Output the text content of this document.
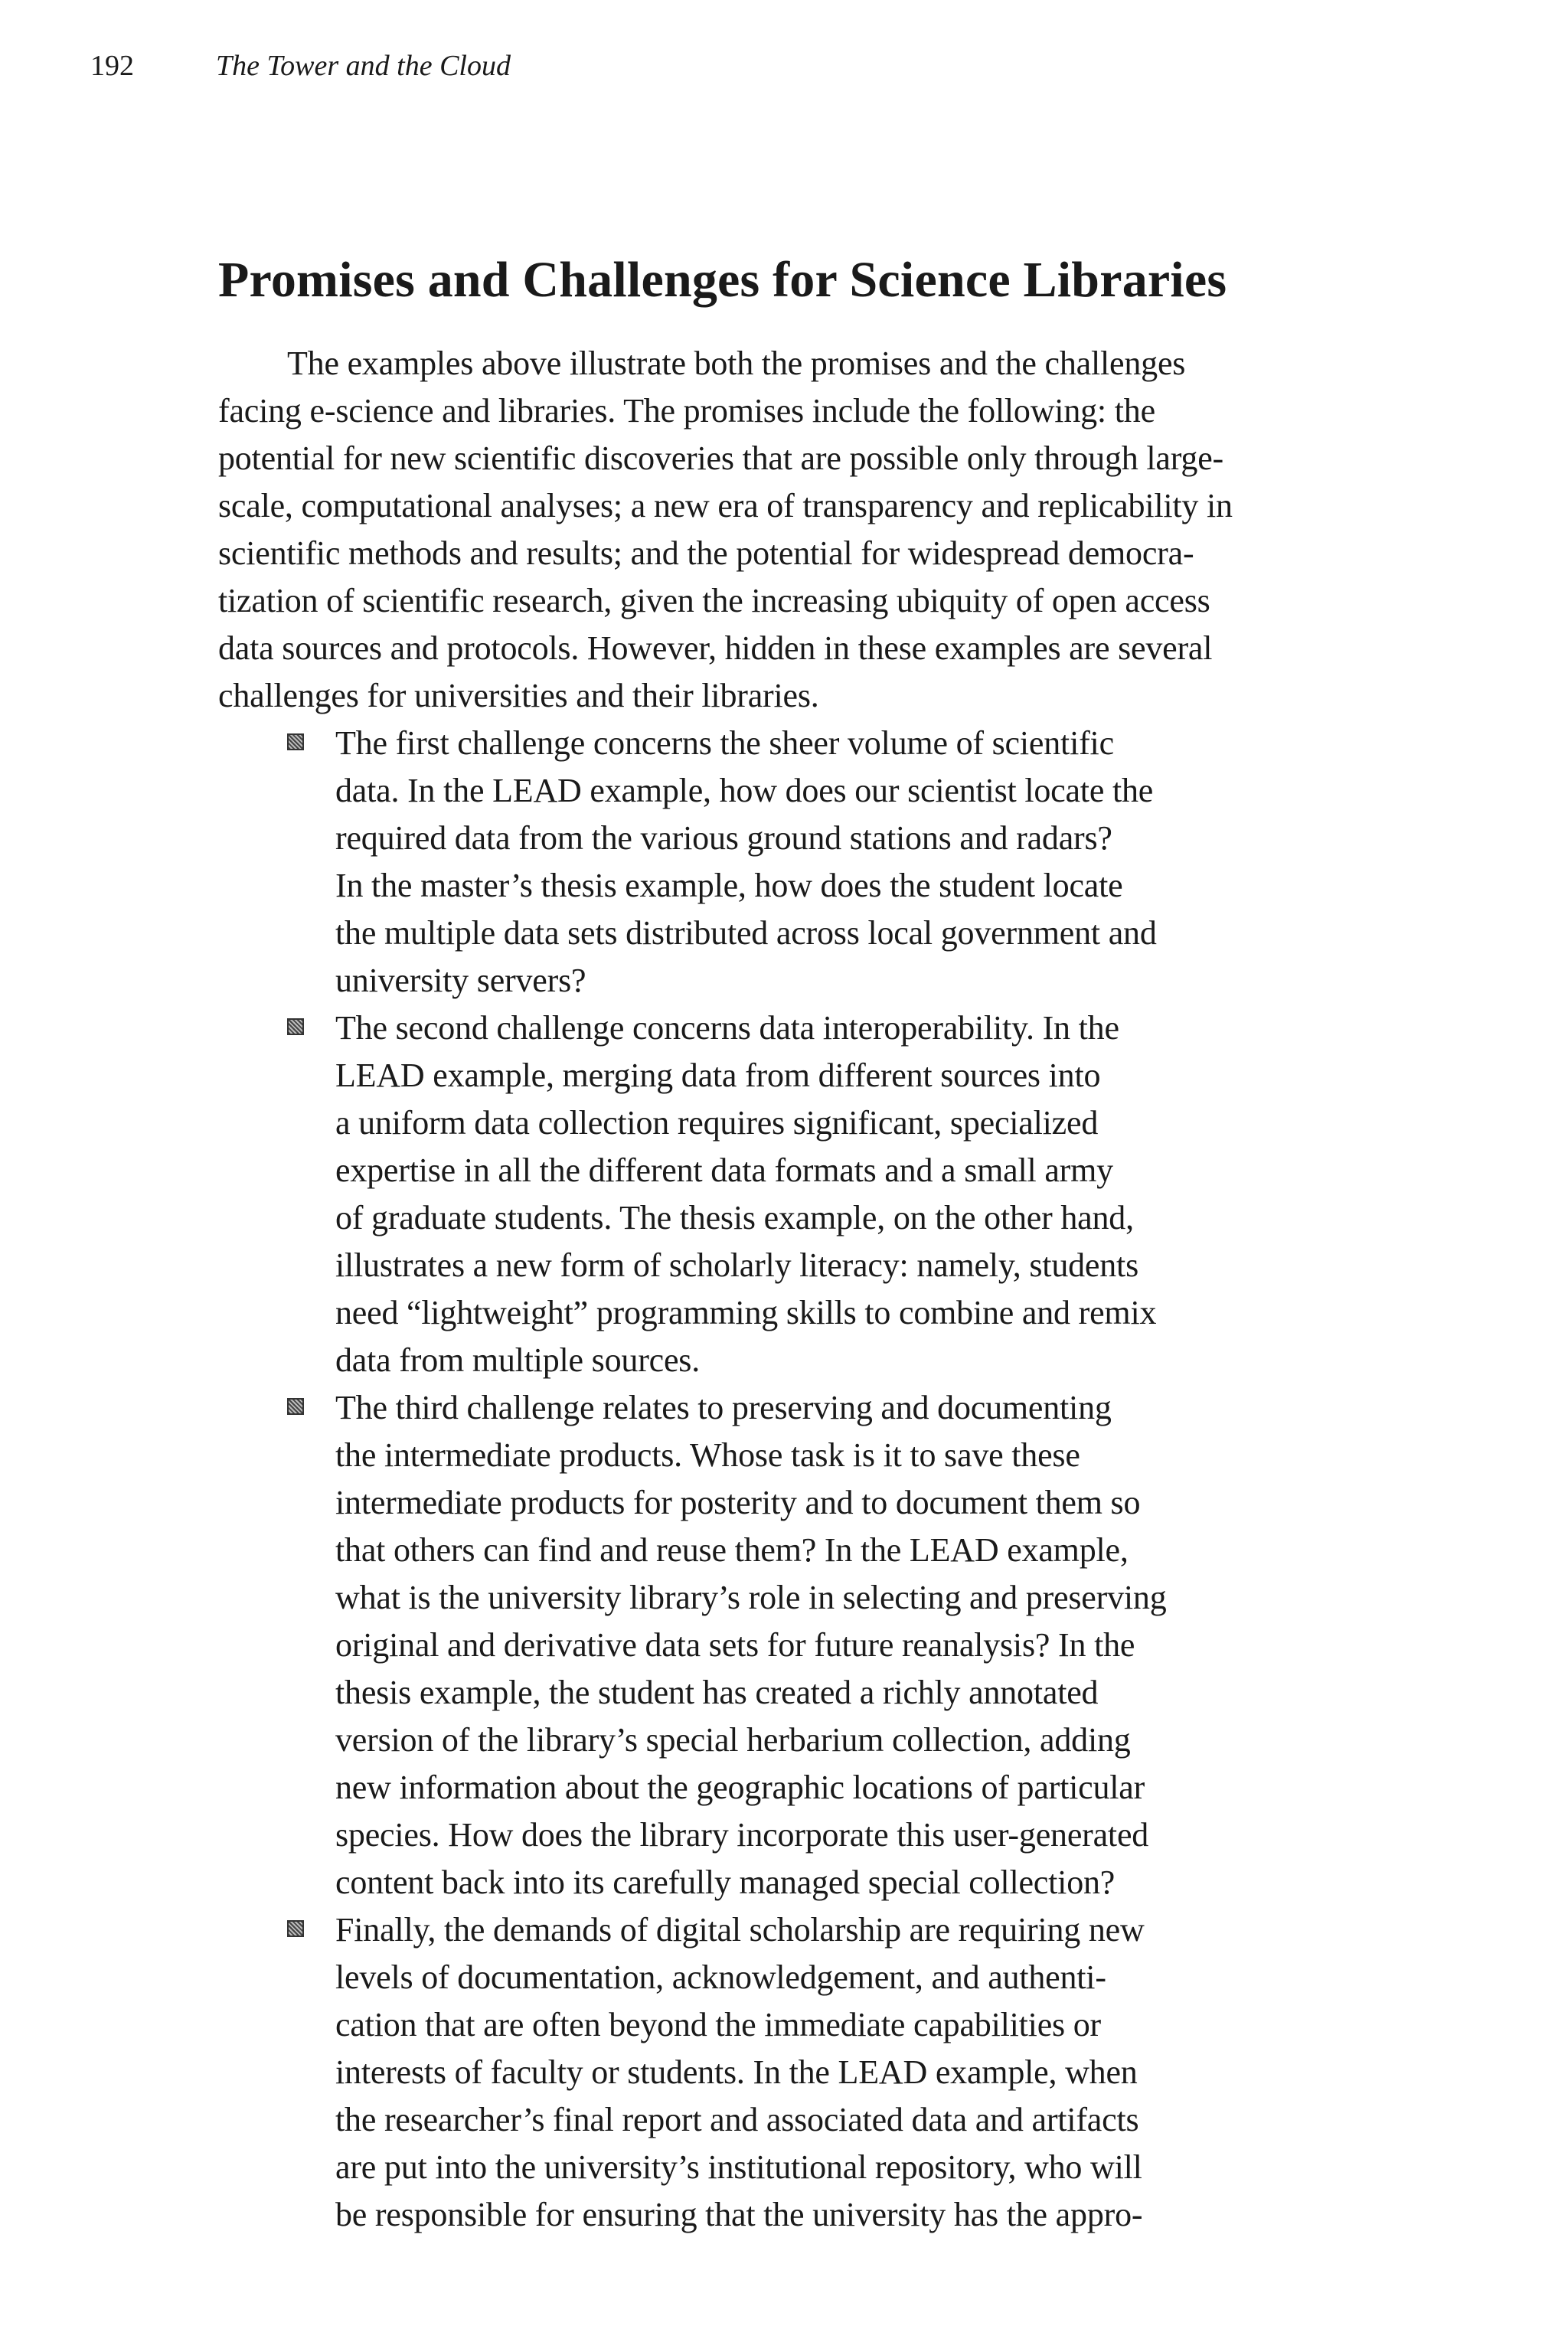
192	The Tower and the Cloud
Promises and Challenges for Science Libraries
The examples above illustrate both the promises and the challenges
facing e-science and libraries. The promises include the following: the
potential for new scientific discoveries that are possible only through large-
scale, computational analyses; a new era of transparency and replicability in
scientific methods and results; and the potential for widespread democra-
tization of scientific research, given the increasing ubiquity of open access
data sources and protocols. However, hidden in these examples are several
challenges for universities and their libraries.
The first challenge concerns the sheer volume of scientific
data. In the LEAD example, how does our scientist locate the
required data from the various ground stations and radars?
In the master’s thesis example, how does the student locate
the multiple data sets distributed across local government and
university servers?
The second challenge concerns data interoperability. In the
LEAD example, merging data from different sources into
a uniform data collection requires significant, specialized
expertise in all the different data formats and a small army
of graduate students. The thesis example, on the other hand,
illustrates a new form of scholarly literacy: namely, students
need “lightweight” programming skills to combine and remix
data from multiple sources.
The third challenge relates to preserving and documenting
the intermediate products. Whose task is it to save these
intermediate products for posterity and to document them so
that others can find and reuse them? In the LEAD example,
what is the university library’s role in selecting and preserving
original and derivative data sets for future reanalysis? In the
thesis example, the student has created a richly annotated
version of the library’s special herbarium collection, adding
new information about the geographic locations of particular
species. How does the library incorporate this user-generated
content back into its carefully managed special collection?
Finally, the demands of digital scholarship are requiring new
levels of documentation, acknowledgement, and authenti-
cation that are often beyond the immediate capabilities or
interests of faculty or students. In the LEAD example, when
the researcher’s final report and associated data and artifacts
are put into the university’s institutional repository, who will
be responsible for ensuring that the university has the appro-
